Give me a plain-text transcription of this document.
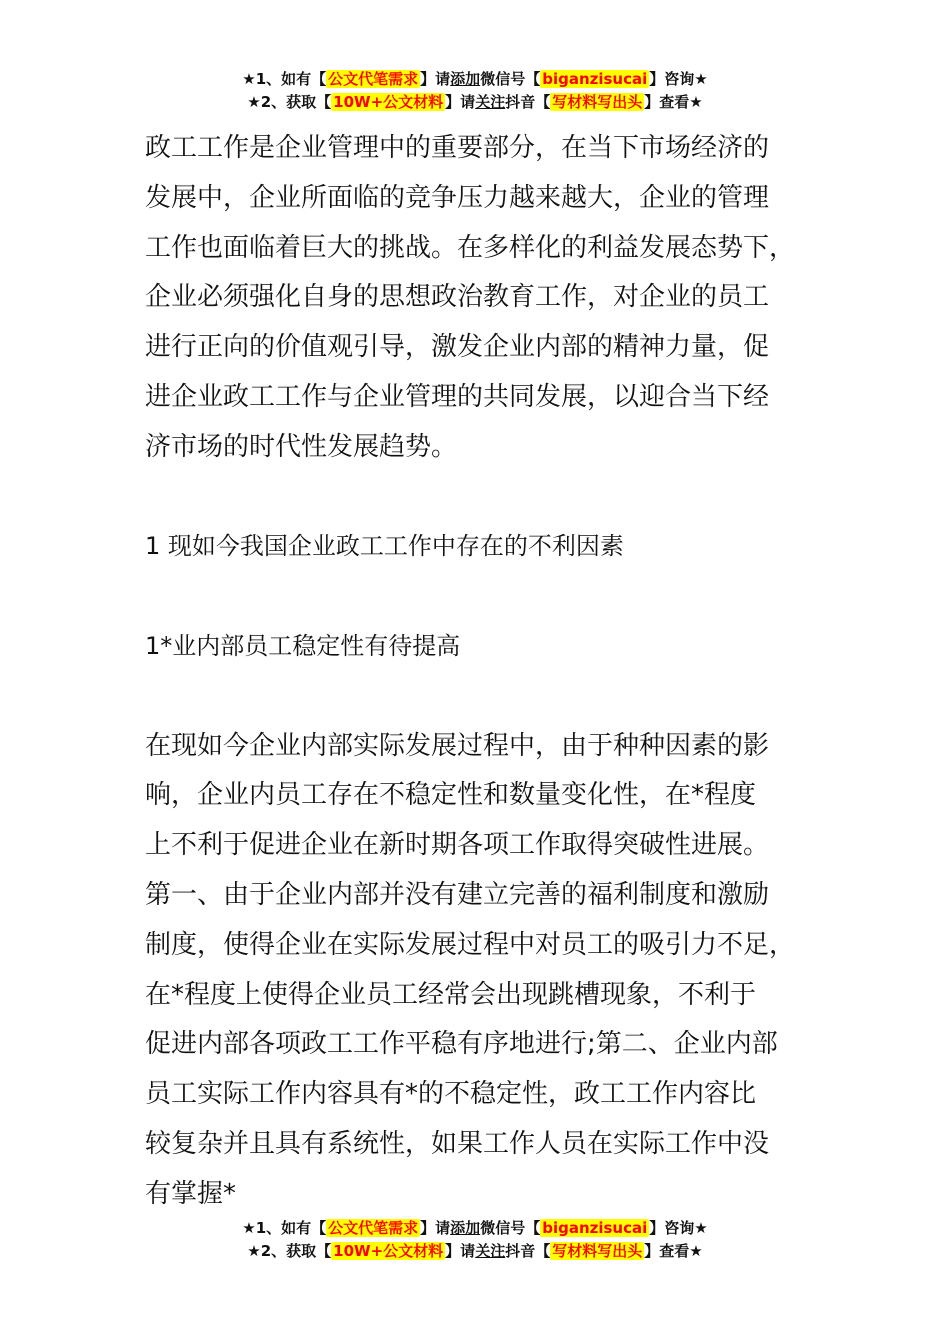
★1、如有【 公文代笔需求 】请添加微信号【 biganzisucai 】咨询★
★2、获取【 10W+公文材料 】请关注抖音【 写材料写出头 】查看★

政工工作是企业管理中的重要部分，在当下市场经济的

发展中，企业所面临的竞争压力越来越大，企业的管理

工作也面临着巨大的挑战。在多样化的利益发展态势下，

企业必须强化自身的思想政治教育工作，对企业的员工

进行正向的价值观引导，激发企业内部的精神力量，促

进企业政工工作与企业管理的共同发展，以迎合当下经

济市场的时代性发展趋势。

1 现如今我国企业政工工作中存在的不利因素

1*业内部员工稳定性有待提高

在现如今企业内部实际发展过程中，由于种种因素的影

响，企业内员工存在不稳定性和数量变化性，在*程度

上不利于促进企业在新时期各项工作取得突破性进展。

第一、由于企业内部并没有建立完善的福利制度和激励

制度，使得企业在实际发展过程中对员工的吸引力不足，

在*程度上使得企业员工经常会出现跳槽现象，不利于

促进内部各项政工工作平稳有序地进行;第二、企业内部

员工实际工作内容具有*的不稳定性，政工工作内容比

较复杂并且具有系统性，如果工作人员在实际工作中没

有掌握*

★1、如有【 公文代笔需求 】请添加微信号【 biganzisucai 】咨询★
★2、获取【 10W+公文材料 】请关注抖音【 写材料写出头 】查看★
